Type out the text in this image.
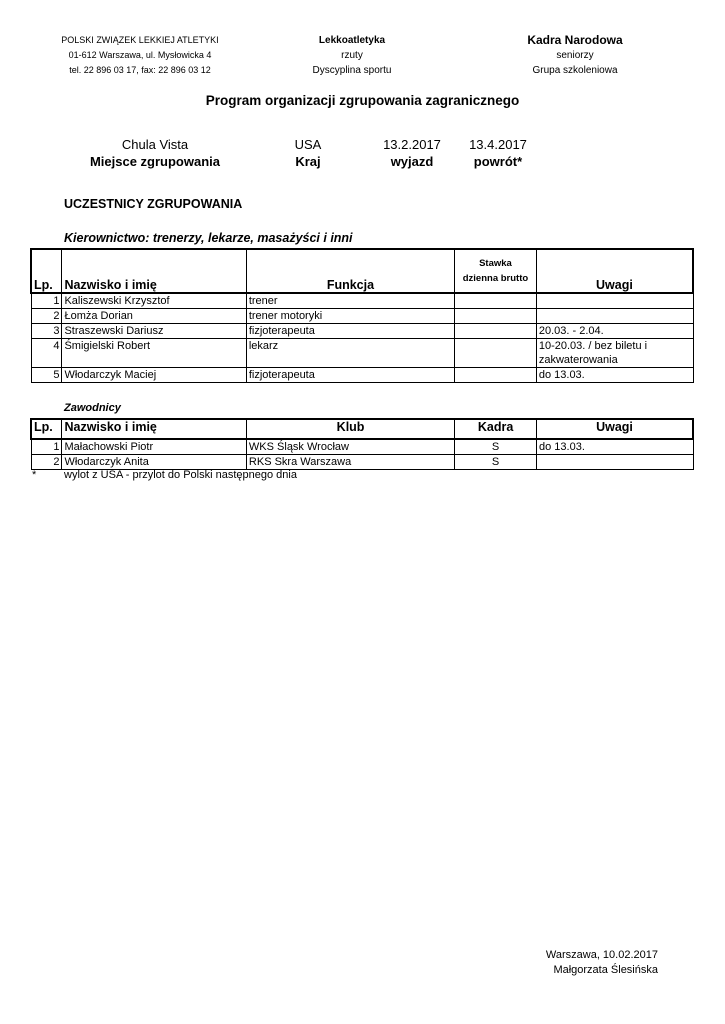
POLSKI ZWIĄZEK LEKKIEJ ATLETYKI
01-612 Warszawa, ul. Mysłowicka 4
tel. 22 896 03 17, fax: 22 896 03 12
Lekkoatletyka
rzuty
Dyscyplina sportu
Kadra Narodowa
seniorzy
Grupa szkoleniowa
Program organizacji zgrupowania zagranicznego
Chula Vista
Miejsce zgrupowania
USA
Kraj
13.2.2017
wyjazd
13.4.2017
powrót*
UCZESTNICY ZGRUPOWANIA
Kierownictwo: trenerzy, lekarze, masażyści i inni
Lp.	Nazwisko i imię	Funkcja	Stawka
dzienna brutto	Uwagi
1	Kaliszewski Krzysztof	trener		
2	Łomża Dorian	trener motoryki		
3	Straszewski Dariusz	fizjoterapeuta		20.03. - 2.04.
4	Śmigielski Robert	lekarz		10-20.03. / bez biletu i
zakwaterowania

5	Włodarczyk Maciej	fizjoterapeuta		do 13.03.
Zawodnicy
Lp.	Nazwisko i imię	Klub	Kadra	Uwagi
1	Małachowski Piotr	WKS Śląsk Wrocław	S	do 13.03.
2	Włodarczyk Anita	RKS Skra Warszawa	S	
*	wylot z USA - przylot do Polski następnego dnia
Warszawa, 10.02.2017
Małgorzata Ślesińska
